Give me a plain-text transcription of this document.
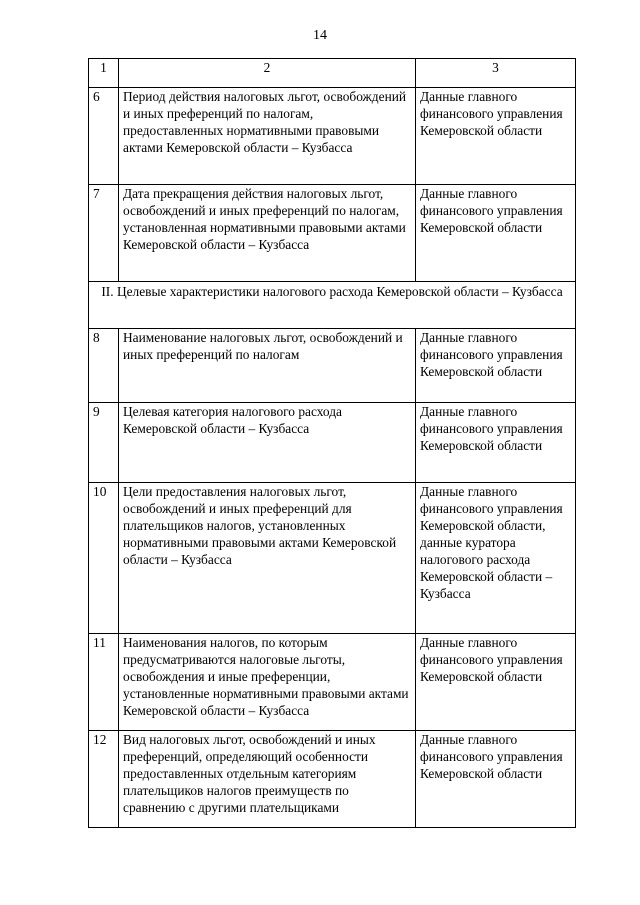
14
1	2	3
6	Период действия налоговых льгот, освобождений и иных преференций по налогам, предоставленных нормативными правовыми актами Кемеровской области – Кузбасса	Данные главного финансового управления Кемеровской области
7	Дата прекращения действия налоговых льгот, освобождений и иных преференций по налогам, установленная нормативными правовыми актами Кемеровской области – Кузбасса	Данные главного финансового управления Кемеровской области
II. Целевые характеристики налогового расхода Кемеровской области – Кузбасса		
8	Наименование налоговых льгот, освобождений и иных преференций по налогам	Данные главного финансового управления Кемеровской области
9	Целевая категория налогового расхода Кемеровской области – Кузбасса	Данные главного финансового управления Кемеровской области
10	Цели предоставления налоговых льгот, освобождений и иных преференций для плательщиков налогов, установленных нормативными правовыми актами Кемеровской области – Кузбасса	Данные главного финансового управления Кемеровской области, данные куратора налогового расхода Кемеровской области – Кузбасса
11	Наименования налогов, по которым предусматриваются налоговые льготы, освобождения и иные преференции, установленные нормативными правовыми актами Кемеровской области – Кузбасса	Данные главного финансового управления Кемеровской области
12	Вид налоговых льгот, освобождений и иных преференций, определяющий особенности предоставленных отдельным категориям плательщиков налогов преимуществ по сравнению с другими плательщиками	Данные главного финансового управления Кемеровской области
